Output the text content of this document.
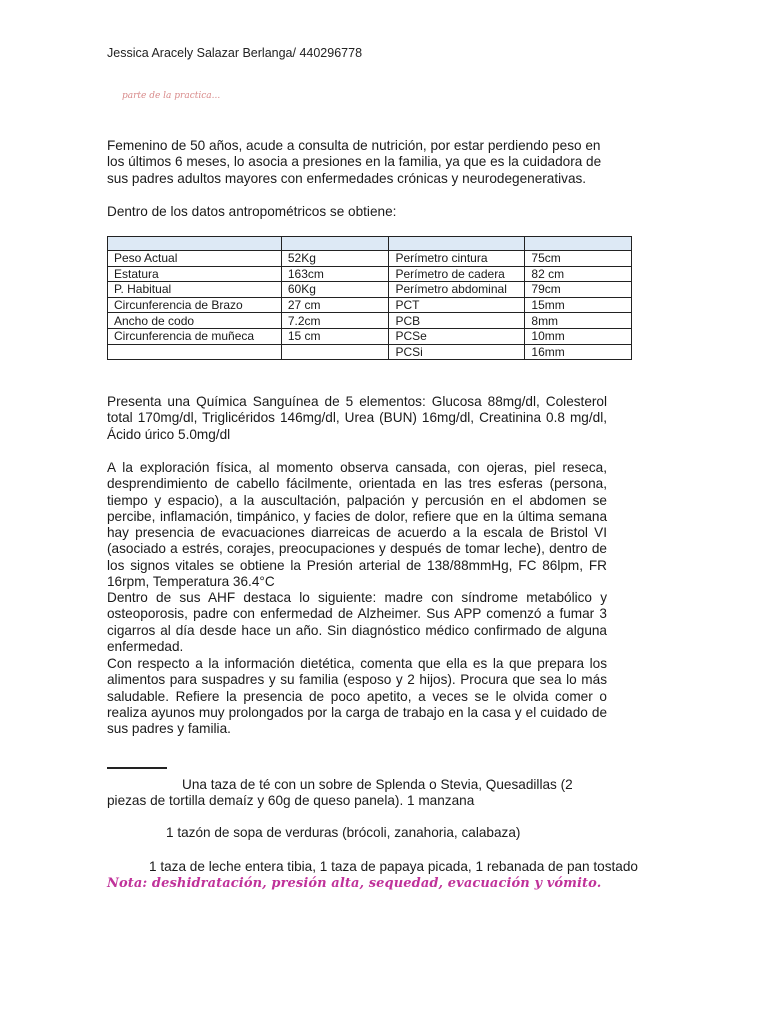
Jessica Aracely Salazar Berlanga/ 440296778
parte de la practica...

Femenino de 50 años, acude a consulta de nutrición, por estar perdiendo peso en los últimos 6 meses, lo asocia a presiones en la familia, ya que es la cuidadora de sus padres adultos mayores con enfermedades crónicas y neurodegenerativas.

Dentro de los datos antropométricos se obtiene:

Peso Actual	52Kg	Perímetro cintura	75cm
Estatura	163cm	Perímetro de cadera	82 cm
P. Habitual	60Kg	Perímetro abdominal	79cm
Circunferencia de Brazo	27 cm	PCT	15mm
Ancho de codo	7.2cm	PCB	8mm
Circunferencia de muñeca	15 cm	PCSe	10mm
		PCSi	16mm

Presenta una Química Sanguínea de 5 elementos: Glucosa 88mg/dl, Colesterol total 170mg/dl, Triglicéridos 146mg/dl, Urea (BUN) 16mg/dl, Creatinina 0.8 mg/dl, Ácido úrico 5.0mg/dl

A la exploración física, al momento observa cansada, con ojeras, piel reseca, desprendimiento de cabello fácilmente, orientada en las tres esferas (persona, tiempo y espacio), a la auscultación, palpación y percusión en el abdomen se percibe, inflamación, timpánico, y facies de dolor, refiere que en la última semana hay presencia de evacuaciones diarreicas de acuerdo a la escala de Bristol VI (asociado a estrés, corajes, preocupaciones y después de tomar leche), dentro de los signos vitales se obtiene la Presión arterial de 138/88mmHg, FC 86lpm, FR 16rpm, Temperatura 36.4°C

Dentro de sus AHF destaca lo siguiente: madre con síndrome metabólico y osteoporosis, padre con enfermedad de Alzheimer. Sus APP comenzó a fumar 3 cigarros al día desde hace un año. Sin diagnóstico médico confirmado de alguna enfermedad.

Con respecto a la información dietética, comenta que ella es la que prepara los alimentos para suspadres y su familia (esposo y 2 hijos). Procura que sea lo más saludable. Refiere la presencia de poco apetito, a veces se le olvida comer o realiza ayunos muy prolongados por la carga de trabajo en la casa y el cuidado de sus padres y familia.

Una taza de té con un sobre de Splenda o Stevia, Quesadillas (2 piezas de tortilla demaíz y 60g de queso panela). 1 manzana

1 tazón de sopa de verduras (brócoli, zanahoria, calabaza)
1 taza de leche entera tibia, 1 taza de papaya picada, 1 rebanada de pan tostado
Nota: deshidratación, presión alta, sequedad, evacuación y vómito.
